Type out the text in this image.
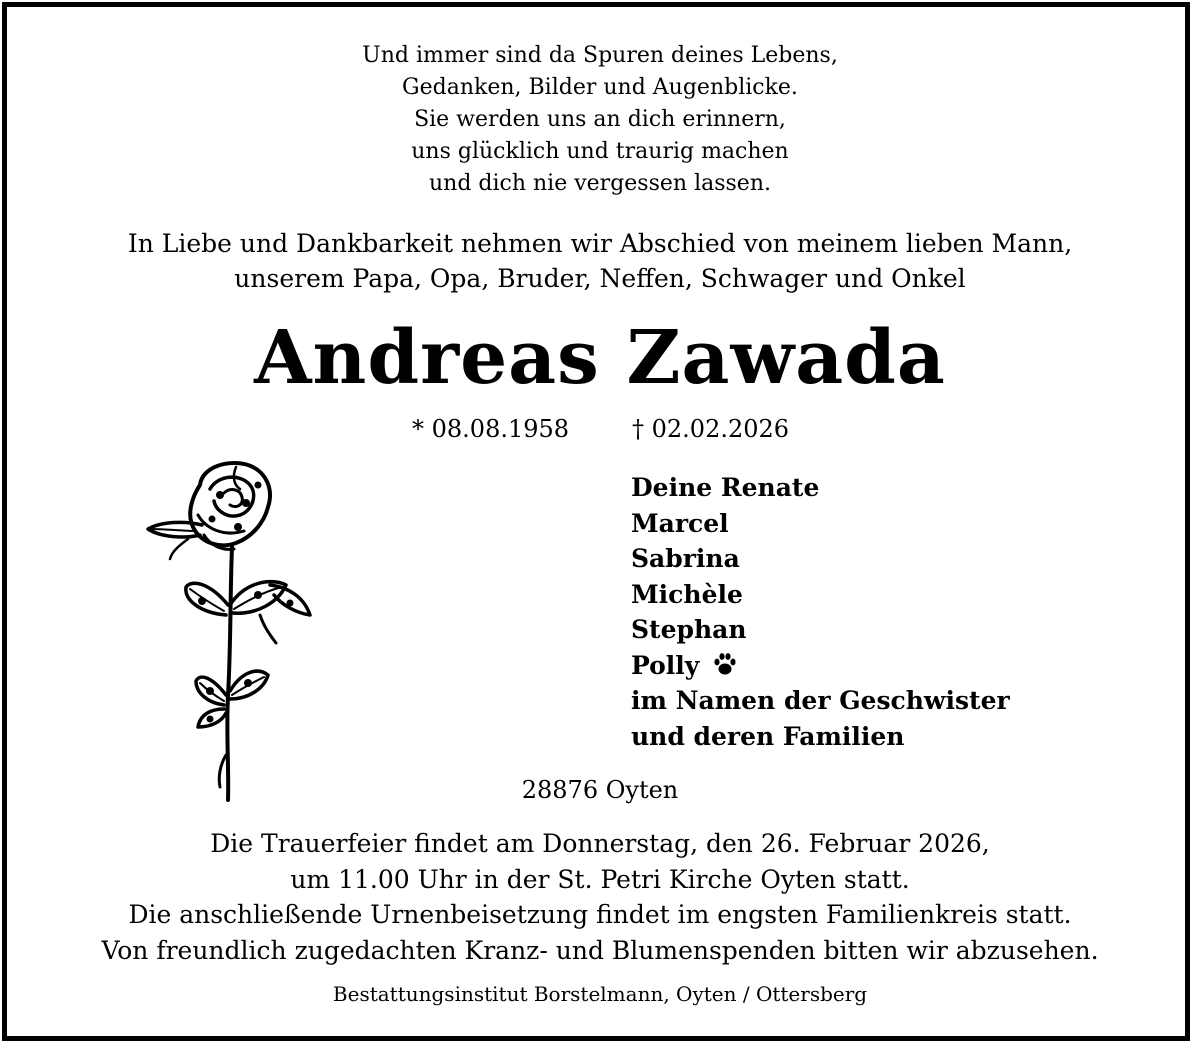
Und immer sind da Spuren deines Lebens,
Gedanken, Bilder und Augenblicke.
Sie werden uns an dich erinnern,
uns glücklich und traurig machen
und dich nie vergessen lassen.
In Liebe und Dankbarkeit nehmen wir Abschied von meinem lieben Mann,
unserem Papa, Opa, Bruder, Neffen, Schwager und Onkel
Andreas Zawada
* 08.08.1958	† 02.02.2026
Deine Renate
Marcel
Sabrina
Michèle
Stephan
Polly
im Namen der Geschwister
und deren Familien
28876 Oyten
Die Trauerfeier findet am Donnerstag, den 26. Februar 2026,
um 11.00 Uhr in der St. Petri Kirche Oyten statt.
Die anschließende Urnenbeisetzung findet im engsten Familienkreis statt.
Von freundlich zugedachten Kranz- und Blumenspenden bitten wir abzusehen.
Bestattungsinstitut Borstelmann, Oyten / Ottersberg
